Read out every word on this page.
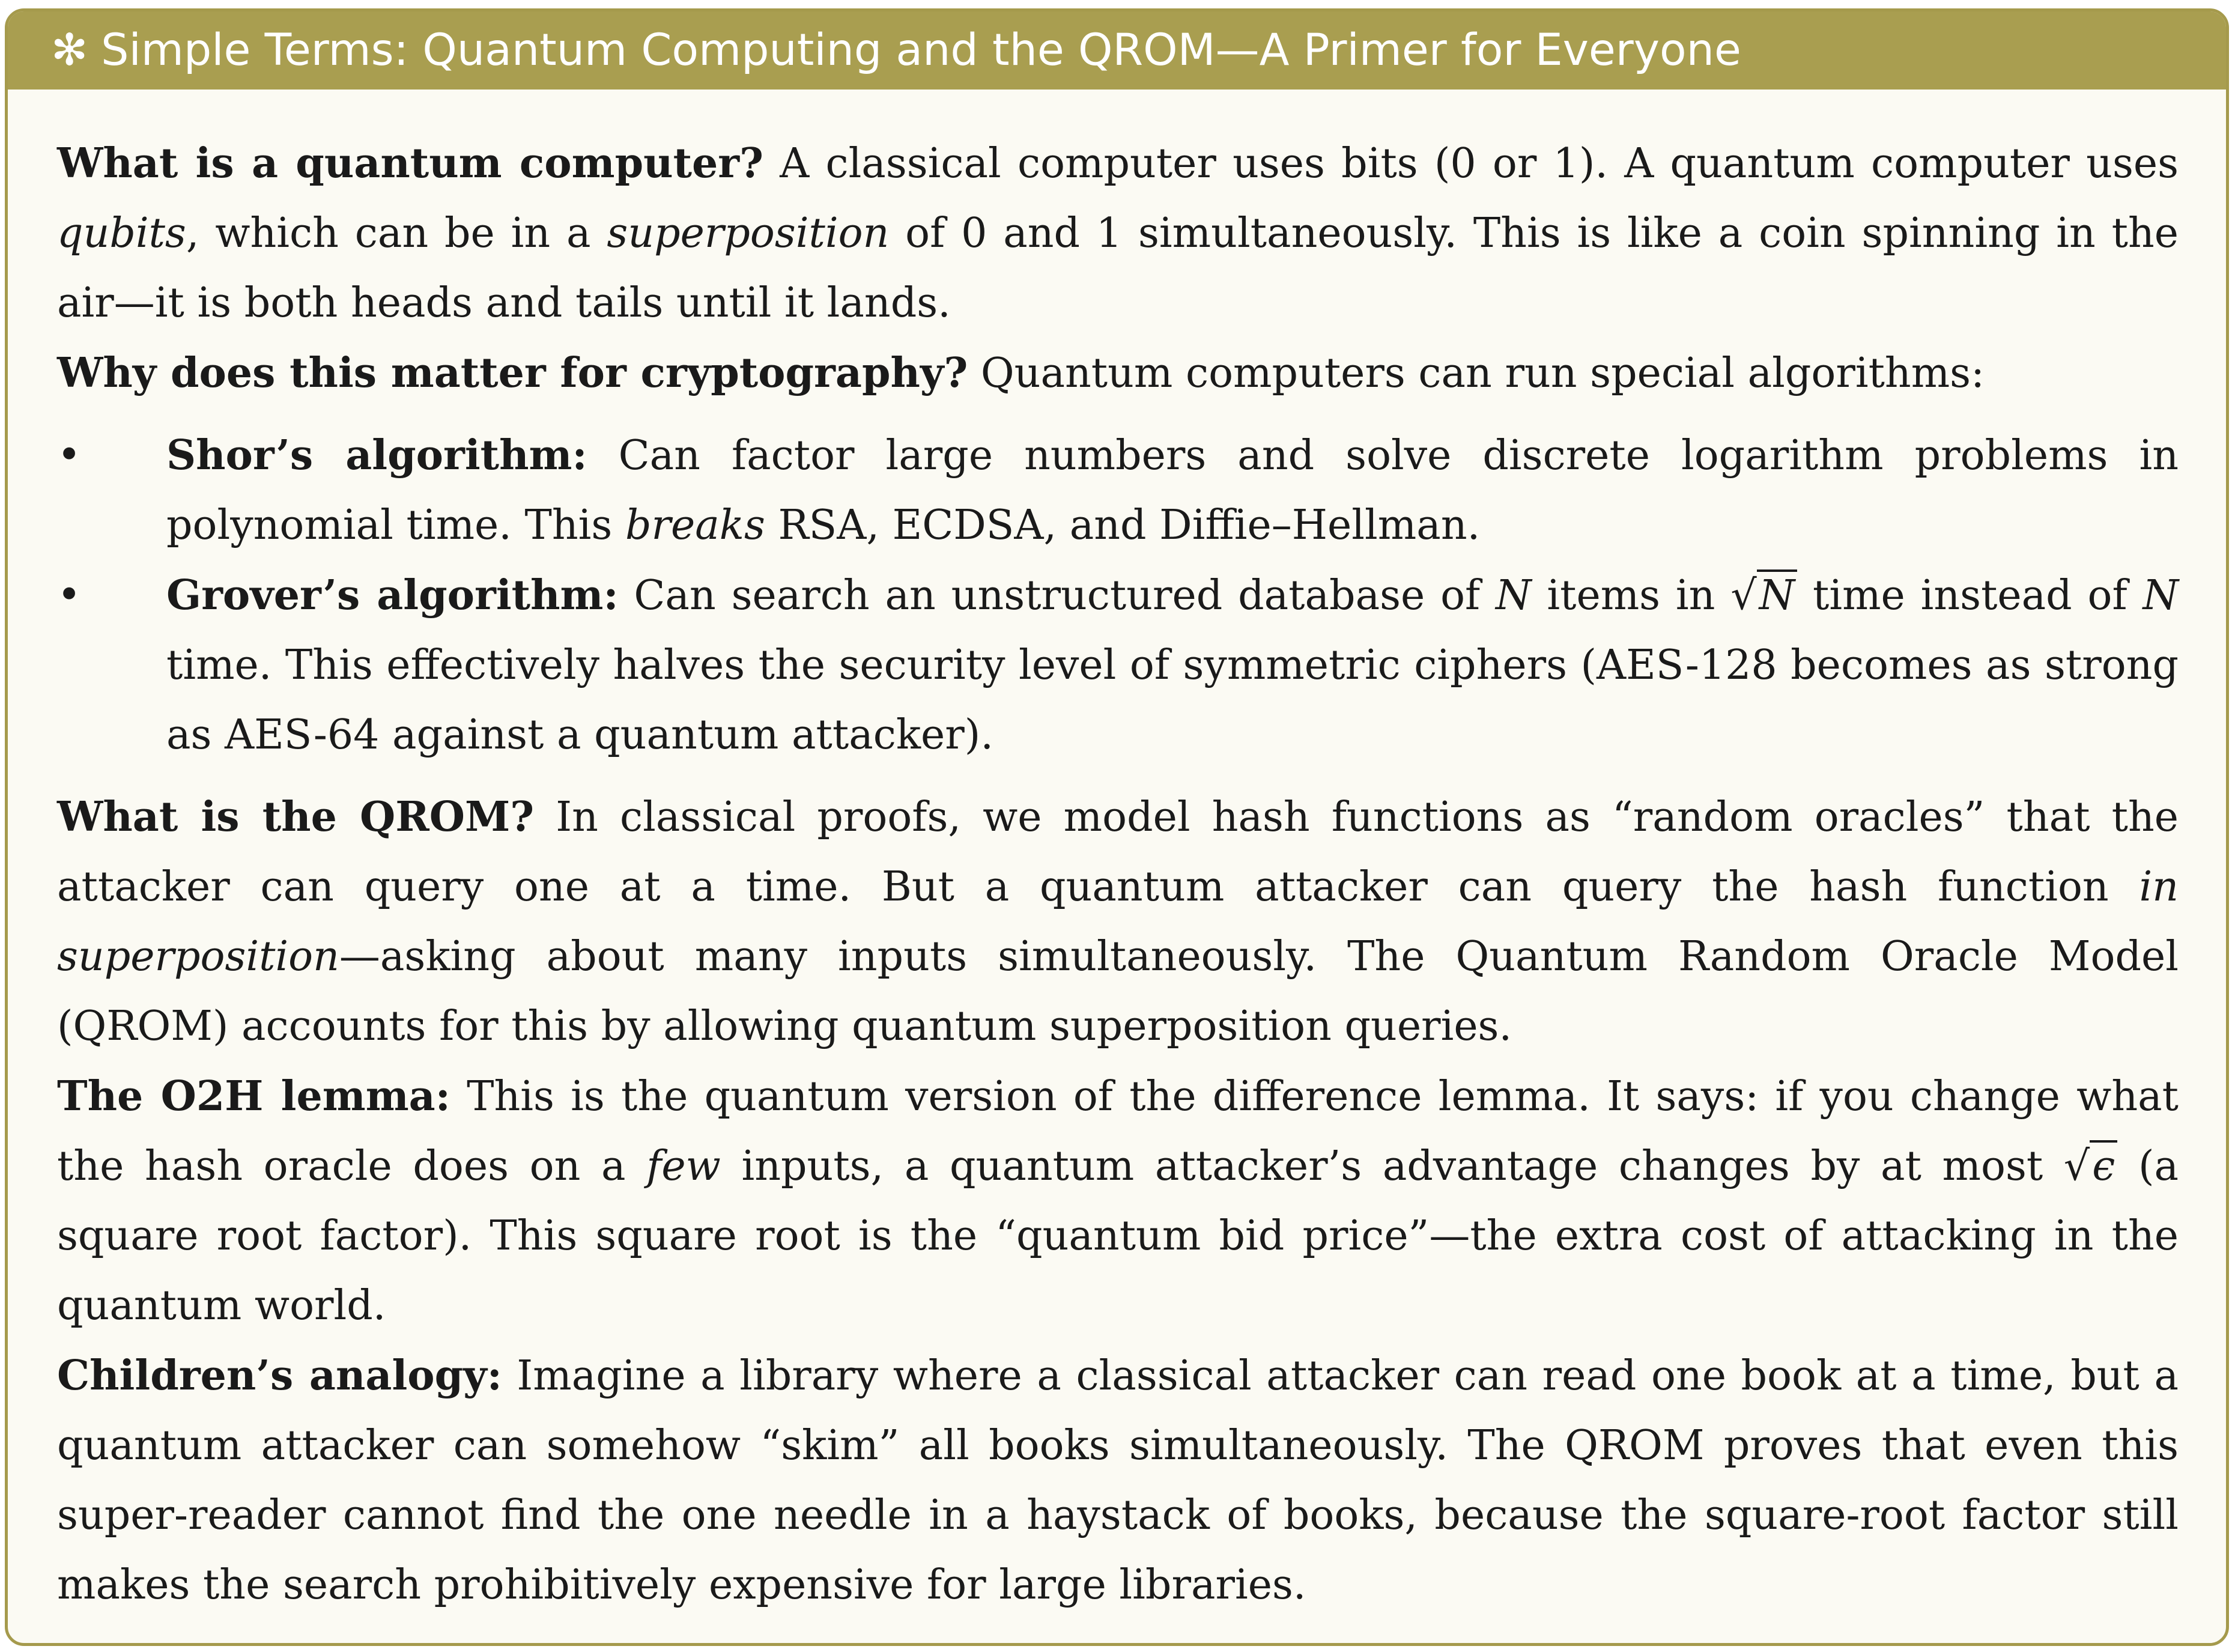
✻ Simple Terms: Quantum Computing and the QROM—A Primer for Everyone

What is a quantum computer? A classical computer uses bits (0 or 1). A quantum computer uses qubits, which can be in a superposition of 0 and 1 simultaneously. This is like a coin spinning in the air—it is both heads and tails until it lands.

Why does this matter for cryptography? Quantum computers can run special algorithms:

• Shor’s algorithm: Can factor large numbers and solve discrete logarithm problems in polynomial time. This breaks RSA, ECDSA, and Diffie–Hellman.
• Grover’s algorithm: Can search an unstructured database of N items in √N time instead of N time. This effectively halves the security level of symmetric ciphers (AES-128 becomes as strong as AES-64 against a quantum attacker).

What is the QROM? In classical proofs, we model hash functions as “random oracles” that the attacker can query one at a time. But a quantum attacker can query the hash function in superposition—asking about many inputs simultaneously. The Quantum Random Oracle Model (QROM) accounts for this by allowing quantum superposition queries.

The O2H lemma: This is the quantum version of the difference lemma. It says: if you change what the hash oracle does on a few inputs, a quantum attacker’s advantage changes by at most √ϵ (a square root factor). This square root is the “quantum bid price”—the extra cost of attacking in the quantum world.

Children’s analogy: Imagine a library where a classical attacker can read one book at a time, but a quantum attacker can somehow “skim” all books simultaneously. The QROM proves that even this super-reader cannot find the one needle in a haystack of books, because the square-root factor still makes the search prohibitively expensive for large libraries.
